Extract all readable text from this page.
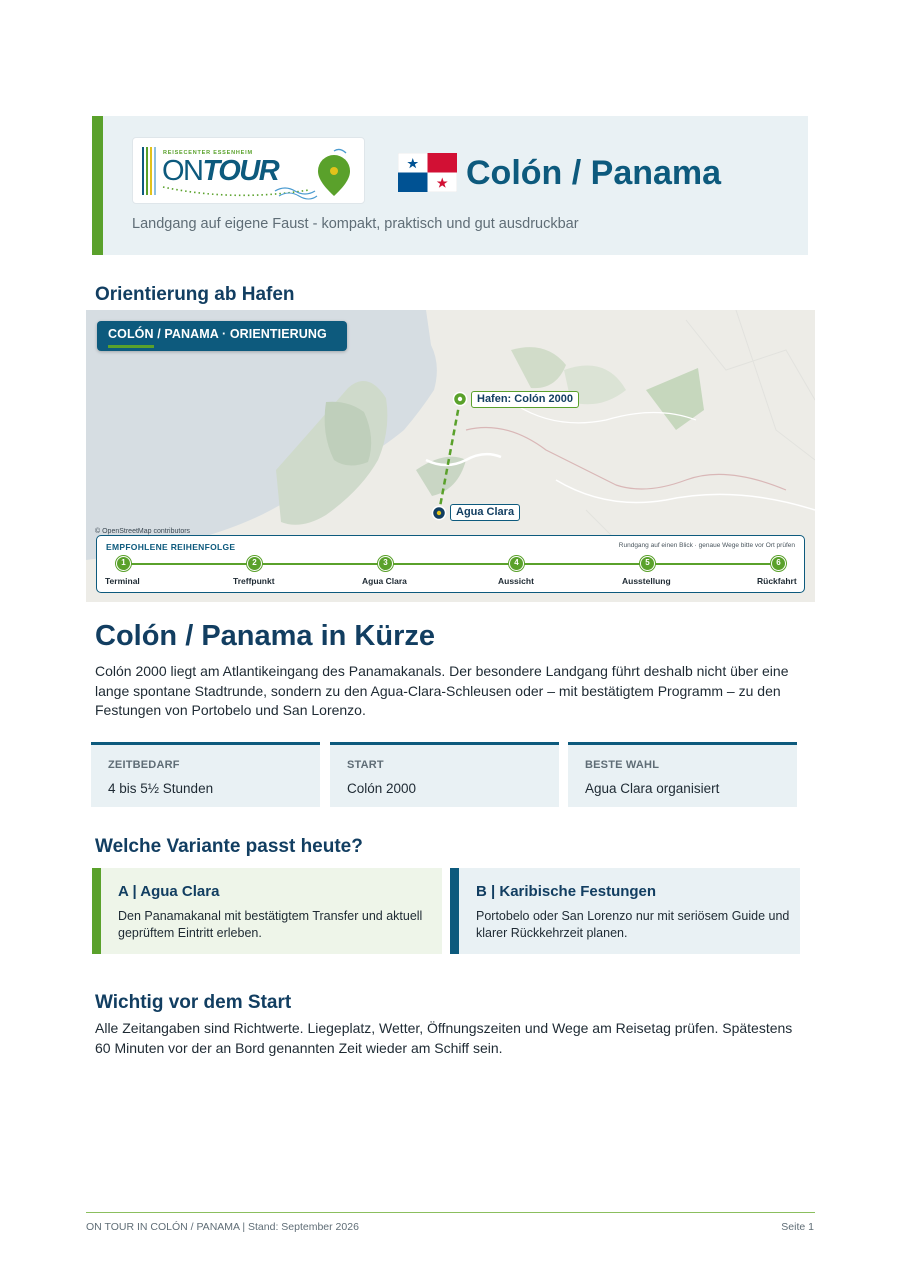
REISECENTER ESSENHEIM
ONTOUR	Colón / Panama
Landgang auf eigene Faust - kompakt, praktisch und gut ausdruckbar
Orientierung ab Hafen
COLÓN / PANAMA · ORIENTIERUNG
Hafen: Colón 2000
Agua Clara
© OpenStreetMap contributors
EMPFOHLENE REIHENFOLGE	Rundgang auf einen Blick · genaue Wege bitte vor Ort prüfen
1	2	3	4	5	6
Terminal	Treffpunkt	Agua Clara	Aussicht	Ausstellung	Rückfahrt
Colón / Panama in Kürze
Colón 2000 liegt am Atlantikeingang des Panamakanals. Der besondere Landgang führt deshalb nicht über eine lange spontane Stadtrunde, sondern zu den Agua-Clara-Schleusen oder – mit bestätigtem Programm – zu den Festungen von Portobelo und San Lorenzo.
ZEITBEDARF
4 bis 5½ Stunden
START
Colón 2000
BESTE WAHL
Agua Clara organisiert
Welche Variante passt heute?
A | Agua Clara
Den Panamakanal mit bestätigtem Transfer und aktuell geprüftem Eintritt erleben.
B | Karibische Festungen
Portobelo oder San Lorenzo nur mit seriösem Guide und klarer Rückkehrzeit planen.
Wichtig vor dem Start
Alle Zeitangaben sind Richtwerte. Liegeplatz, Wetter, Öffnungszeiten und Wege am Reisetag prüfen. Spätestens 60 Minuten vor der an Bord genannten Zeit wieder am Schiff sein.
ON TOUR IN COLÓN / PANAMA | Stand: September 2026	Seite 1
